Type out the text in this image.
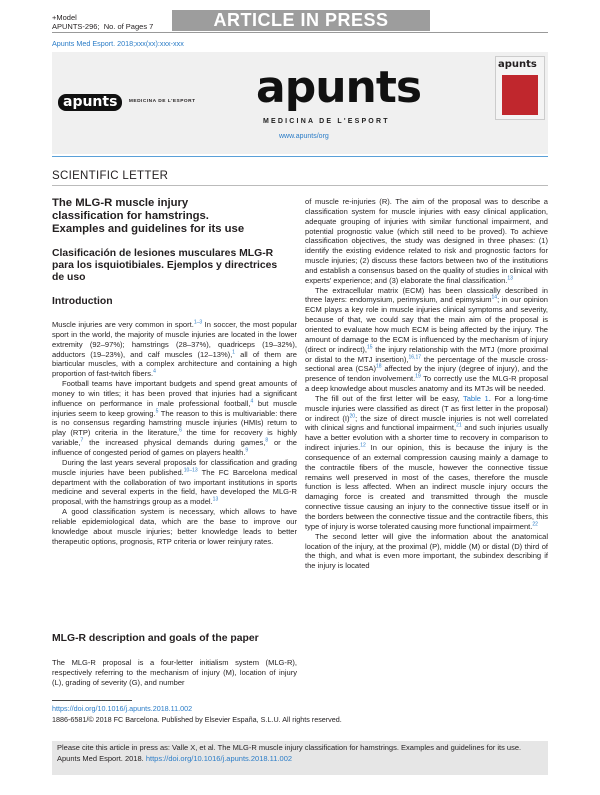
+Model
APUNTS-296; No. of Pages 7	ARTICLE IN PRESS
Apunts Med Esport. 2018;xxx(xx):xxx-xxx
apunts MEDICINA DE L'ESPORT apunts
MEDICINA DE L'ESPORT
www.apunts/org
apunts
SCIENTIFIC LETTER
The MLG-R muscle injury
classification for hamstrings.
Examples and guidelines for its use
Clasificación de lesiones musculares MLG-R
para los isquiotibiales. Ejemplos y directrices
de uso
Introduction

Muscle injuries are very common in sport.$^{1-3}$ In soccer, the most popular sport in the world, the majority of muscle injuries are located in the lower extremity (92–97%); hamstrings (28–37%), quadriceps (19–32%), adductors (19–23%), and calf muscles (12–13%),$^1$ all of them are biarticular muscles, with a complex architecture and containing a high proportion of fast-twitch fibers.$^4$

Football teams have important budgets and spend great amounts of money to win titles; it has been proved that injuries had a significant influence on performance in male professional football,$^4$ but muscle injuries seem to keep growing.$^5$ The reason to this is multivariable: there is no consensus regarding hamstring muscle injuries (HMIs) return to play (RTP) criteria in the literature,$^6$ the time for recovery is highly variable,$^7$ the increased physical demands during games,$^8$ or the influence of congested period of games on players health.$^9$

During the last years several proposals for classification and grading muscle injuries have been published.$^{10-13}$ The FC Barcelona medical department with the collaboration of two important institutions in sports medicine and several experts in the field, have developed the MLG-R proposal, with the hamstrings group as a model.$^{13}$

A good classification system is necessary, which allows to have reliable epidemiological data, which are the base to improve our knowledge about muscle injuries; better knowledge leads to better therapeutic options, prognosis, RTP criteria or lower reinjury rates.

MLG-R description and goals of the paper

The MLG-R proposal is a four-letter initialism system (MLG-R), respectively referring to the mechanism of injury (M), location of injury (L), grading of severity (G), and number

of muscle re-injuries (R). The aim of the proposal was to describe a classification system for muscle injuries with easy clinical application, adequate grouping of injuries with similar functional impairment, and potential prognostic value (which still need to be proved). To achieve classification objectives, the study was designed in three phases: (1) identify the existing evidence related to risk and prognostic factors for muscle injuries; (2) discuss these factors between two of the institutions and establish a consensus based on the quality of studies in clinical with experts' experience; and (3) elaborate the final classification.$^{13}$

The extracellular matrix (ECM) has been classically described in three layers: endomysium, perimysium, and epimysium$^{14}$; in our opinion ECM plays a key role in muscle injuries clinical symptoms and severity, because of that, we could say that the main aim of the proposal is oriented to evaluate how much ECM is being affected by the injury. The amount of damage to the ECM is influenced by the mechanism of injury (direct or indirect),$^{15}$ the injury relationship with the MTJ (more proximal or distal to the MTJ insertion),$^{16,17}$ the percentage of the muscle cross-sectional area (CSA)$^{18}$ affected by the injury (degree of injury), and the presence of tendon involvement.$^{19}$ To correctly use the MLG-R proposal a deep knowledge about muscles anatomy and its MTJs will be needed.

The fill out of the first letter will be easy, Table 1. For a long-time muscle injuries were classified as direct (T as first letter in the proposal) or indirect (I)$^{20}$; the size of direct muscle injuries is not well correlated with clinical signs and functional impairment,$^{21}$ and such injuries usually have a better evolution with a shorter time to recovery in comparison to indirect injuries.$^{12}$ In our opinion, this is because the injury is the consequence of an external compression causing mainly a damage to the contractile fibers of the muscle, however the connective tissue remains well preserved in most of the cases, therefore the muscle function is less affected. When an indirect muscle injury occurs the damaging force is created and transmitted through the muscle connective tissue causing an injury to the connective tissue itself or in the borders between the connective tissue and the contractile fibers, this type of injury is worse tolerated causing more functional impairment.$^{22}$

The second letter will give the information about the anatomical location of the injury, at the proximal (P), middle (M) or distal (D) third of the thigh, and what is even more important, the subindex describing if the injury is located

https://doi.org/10.1016/j.apunts.2018.11.002
1886-6581/© 2018 FC Barcelona. Published by Elsevier España, S.L.U. All rights reserved.
Please cite this article in press as: Valle X, et al. The MLG-R muscle injury classification for hamstrings. Examples and guidelines for its use. Apunts Med Esport. 2018. https://doi.org/10.1016/j.apunts.2018.11.002
